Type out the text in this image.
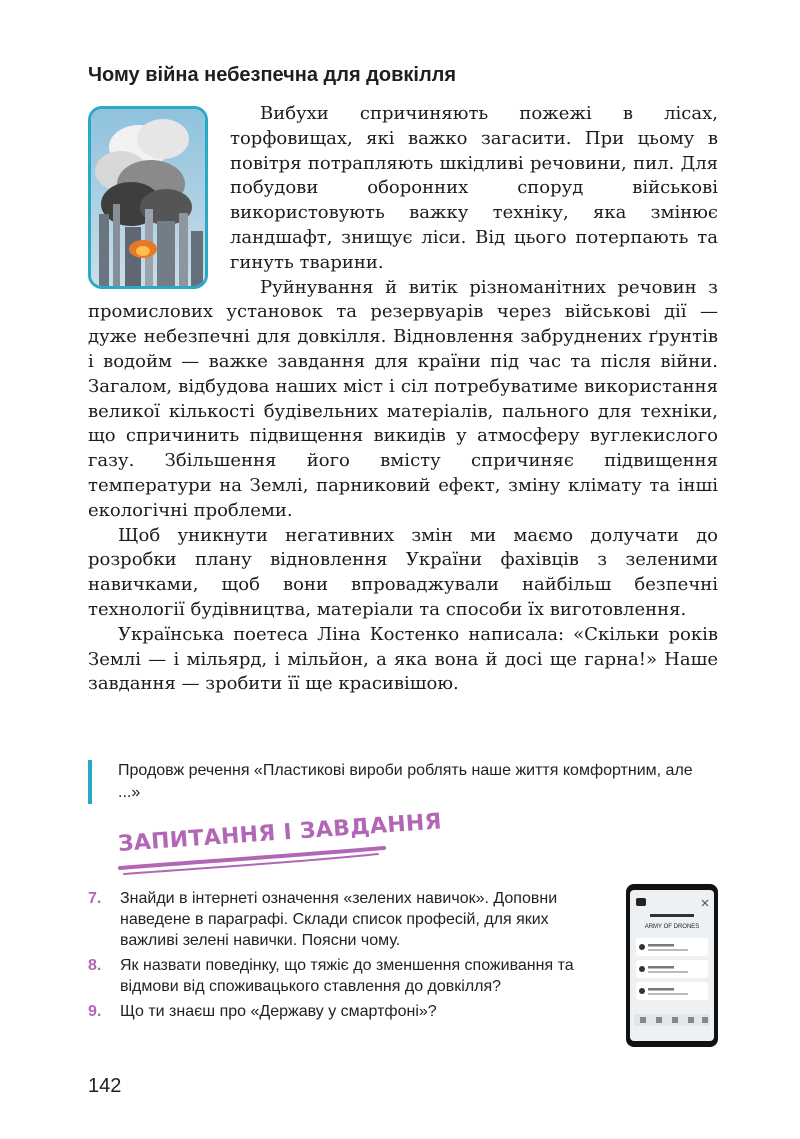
Чому війна небезпечна для довкілля

Вибухи спричиняють пожежі в лісах, торфовищах, які важко загасити. При цьому в повітря потрапляють шкідливі речовини, пил. Для побудови оборонних споруд військові використовують важку техніку, яка змінює ландшафт, знищує ліси. Від цього потерпають та гинуть тварини.

Руйнування й витік різноманітних речовин з промислових установок та резервуарів через військові дії — дуже небезпечні для довкілля. Відновлення забруднених ґрунтів і водойм — важке завдання для країни під час та після війни. Загалом, відбудова наших міст і сіл потребуватиме використання великої кількості будівельних матеріалів, пального для техніки, що спричинить підвищення викидів у атмосферу вуглекислого газу. Збільшення його вмісту спричиняє підвищення температури на Землі, парниковий ефект, зміну клімату та інші екологічні проблеми.

Щоб уникнути негативних змін ми маємо долучати до розробки плану відновлення України фахівців з зеленими навичками, щоб вони впроваджували найбільш безпечні технології будівництва, матеріали та способи їх виготовлення.

Українська поетеса Ліна Костенко написала: «Скільки років Землі — і мільярд, і мільйон, а яка вона й досі ще гарна!» Наше завдання — зробити її ще красивішою.

Продовж речення «Пластикові вироби роблять наше життя комфортним, але ...»
ЗАПИТАННЯ І ЗАВДАННЯ
7. Знайди в інтернеті означення «зелених навичок». Доповни наведене в параграфі. Склади список професій, для яких важливі зелені навички. Поясни чому.
8. Як назвати поведінку, що тяжіє до зменшення споживання та відмови від споживацького ставлення до довкілля?
9. Що ти знаєш про «Державу у смартфоні»?
ARMY OF DRONES
142
